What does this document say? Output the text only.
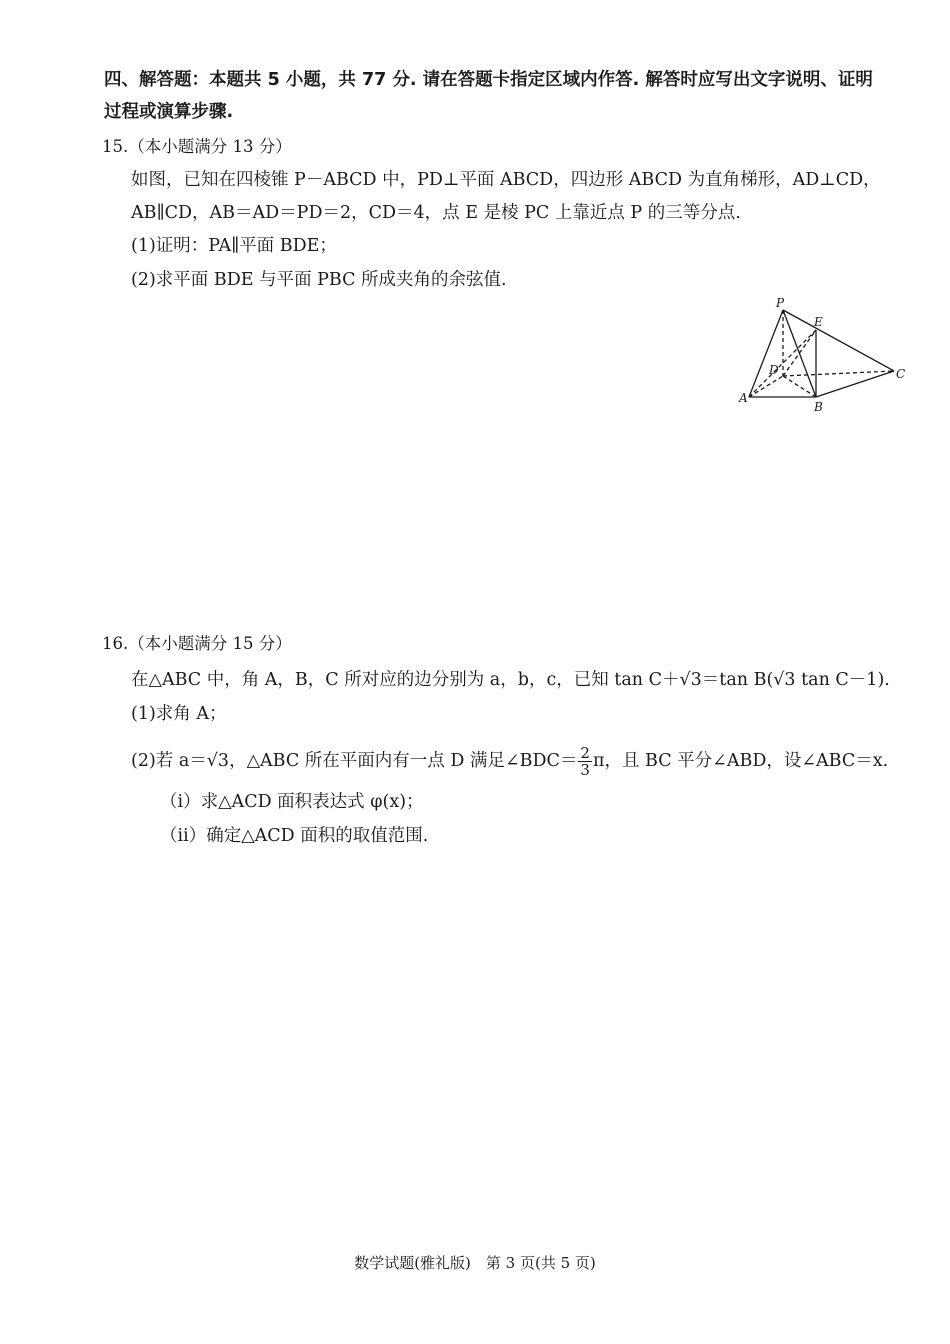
四、解答题：本题共 5 小题，共 77 分. 请在答题卡指定区域内作答. 解答时应写出文字说明、证明
过程或演算步骤.
15.（本小题满分 13 分）
如图，已知在四棱锥 P－ABCD 中，PD⊥平面 ABCD，四边形 ABCD 为直角梯形，AD⊥CD，
AB∥CD，AB＝AD＝PD＝2，CD＝4，点 E 是棱 PC 上靠近点 P 的三等分点.
(1)证明：PA∥平面 BDE；
(2)求平面 BDE 与平面 PBC 所成夹角的余弦值.
P
E
D	C
A
B
16.（本小题满分 15 分）
在△ABC 中，角 A，B，C 所对应的边分别为 a，b，c，已知 tan C＋√3＝tan B(√3 tan C－1).
(1)求角 A；
(2)若 a＝√3，△ABC 所在平面内有一点 D 满足∠BDC＝ $\frac{2}{3}$ π，且 BC 平分∠ABD，设∠ABC＝x.
（ⅰ）求△ACD 面积表达式 φ(x)；
（ⅱ）确定△ACD 面积的取值范围.
数学试题(雅礼版)　第 3 页(共 5 页)
